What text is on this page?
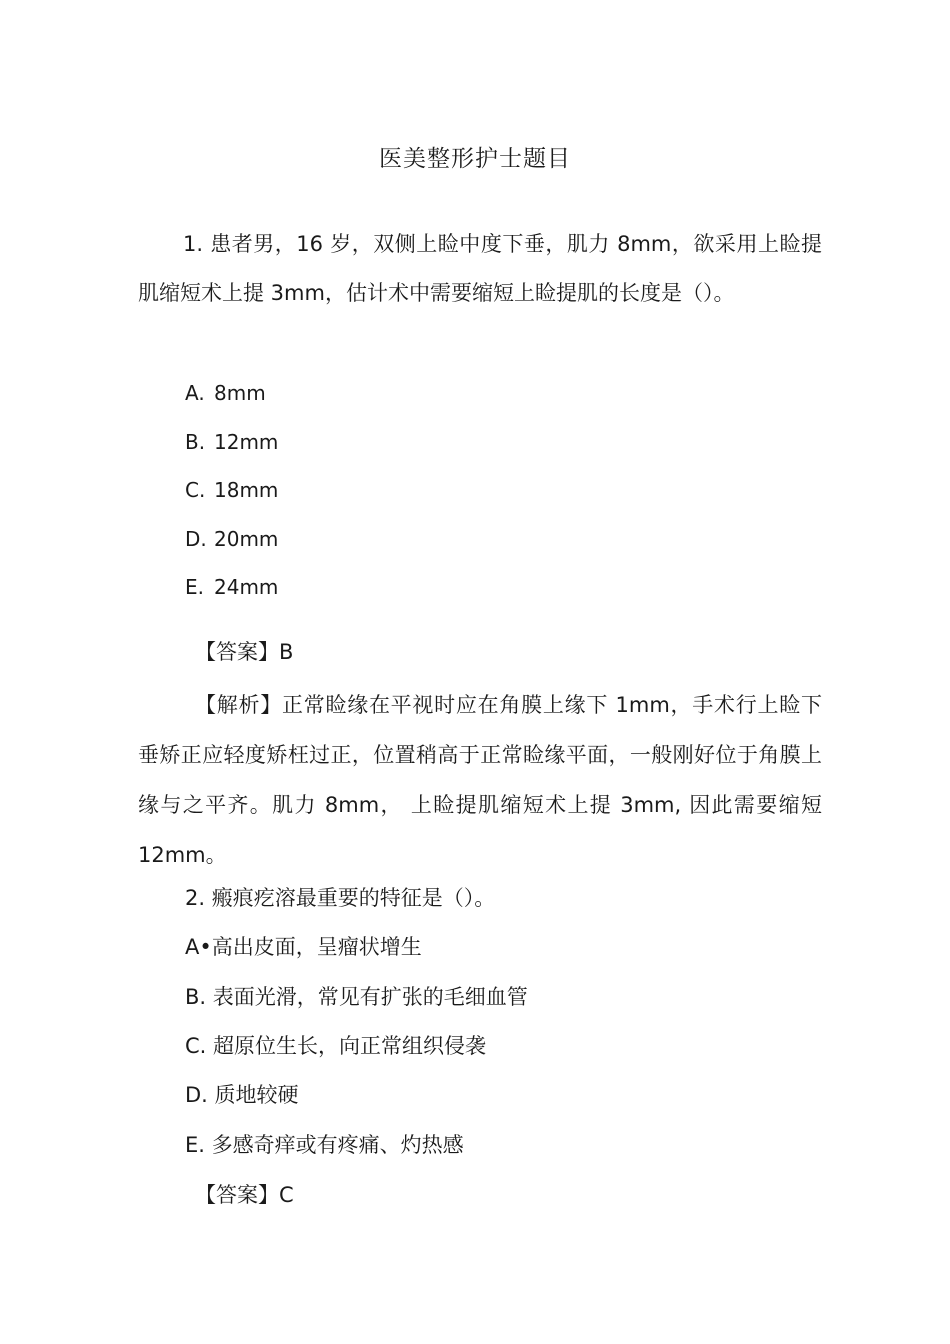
医美整形护士题目
1. 患者男，16 岁，双侧上睑中度下垂，肌力 8mm，欲采用上睑提肌缩短术上提 3mm，估计术中需要缩短上睑提肌的长度是（）。
A. 8mm
B. 12mm
C. 18mm
D. 20mm
E. 24mm
【答案】B
【解析】正常睑缘在平视时应在角膜上缘下 1mm，手术行上睑下垂矫正应轻度矫枉过正，位置稍高于正常睑缘平面，一般刚好位于角膜上缘与之平齐。肌力 8mm， 上睑提肌缩短术上提 3mm, 因此需要缩短 12mm。
2. 瘢痕疙溶最重要的特征是（）。
A•高出皮面，呈瘤状增生
B. 表面光滑，常见有扩张的毛细血管
C. 超原位生长，向正常组织侵袭
D. 质地较硬
E. 多感奇痒或有疼痛、灼热感
【答案】C
